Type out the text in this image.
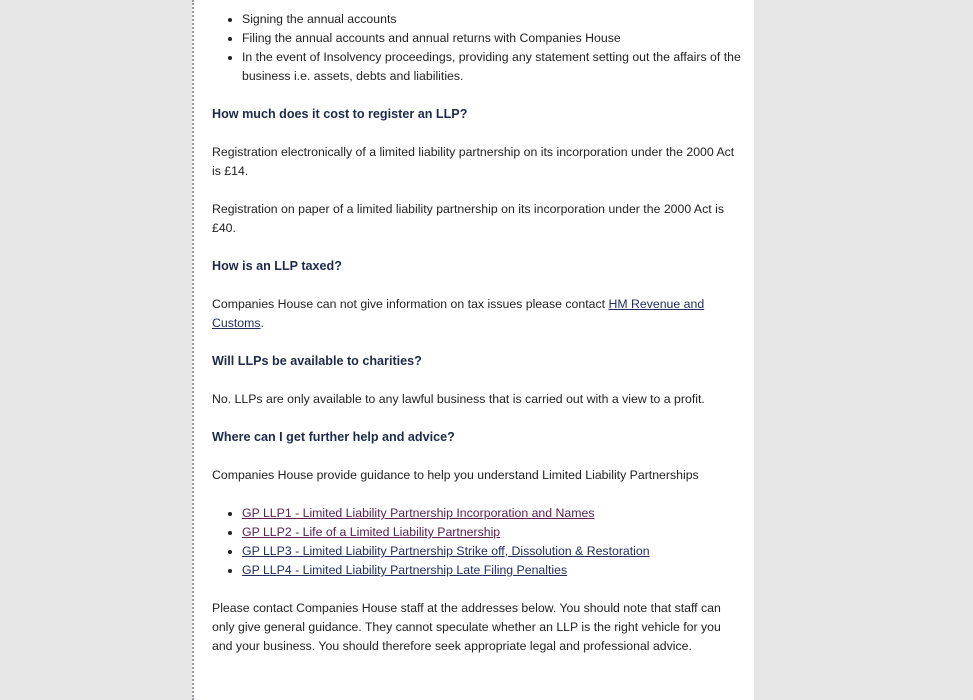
• Signing the annual accounts
• Filing the annual accounts and annual returns with Companies House
• In the event of Insolvency proceedings, providing any statement setting out the affairs of the business i.e. assets, debts and liabilities.
How much does it cost to register an LLP?

Registration electronically of a limited liability partnership on its incorporation under the 2000 Act is £14.

Registration on paper of a limited liability partnership on its incorporation under the 2000 Act is £40.

How is an LLP taxed?

Companies House can not give information on tax issues please contact HM Revenue and Customs.

Will LLPs be available to charities?

No. LLPs are only available to any lawful business that is carried out with a view to a profit.

Where can I get further help and advice?

Companies House provide guidance to help you understand Limited Liability Partnerships

• GP LLP1 - Limited Liability Partnership Incorporation and Names
• GP LLP2 - Life of a Limited Liability Partnership
• GP LLP3 - Limited Liability Partnership Strike off, Dissolution & Restoration
• GP LLP4 - Limited Liability Partnership Late Filing Penalties

Please contact Companies House staff at the addresses below. You should note that staff can only give general guidance. They cannot speculate whether an LLP is the right vehicle for you and your business. You should therefore seek appropriate legal and professional advice.
